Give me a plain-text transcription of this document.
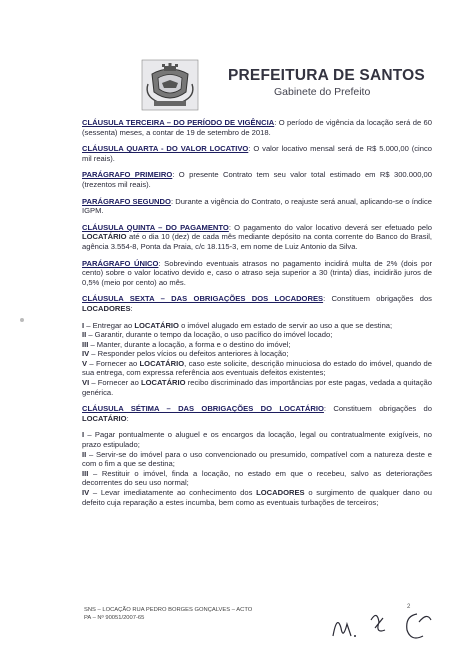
PREFEITURA DE SANTOS
Gabinete do Prefeito

CLÁUSULA TERCEIRA – DO PERÍODO DE VIGÊNCIA: O período de vigência da locação será de 60 (sessenta) meses, a contar de 19 de setembro de 2018.

CLÁUSULA QUARTA - DO VALOR LOCATIVO: O valor locativo mensal será de R$ 5.000,00 (cinco mil reais).

PARÁGRAFO PRIMEIRO: O presente Contrato tem seu valor total estimado em R$ 300.000,00 (trezentos mil reais).

PARÁGRAFO SEGUNDO: Durante a vigência do Contrato, o reajuste será anual, aplicando-se o índice IGPM.

CLÁUSULA QUINTA – DO PAGAMENTO: O pagamento do valor locativo deverá ser efetuado pelo LOCATÁRIO até o dia 10 (dez) de cada mês mediante depósito na conta corrente do Banco do Brasil, agência 3.554-8, Ponta da Praia, c/c 18.115-3, em nome de Luiz Antonio da Silva.

PARÁGRAFO ÚNICO: Sobrevindo eventuais atrasos no pagamento incidirá multa de 2% (dois por cento) sobre o valor locativo devido e, caso o atraso seja superior a 30 (trinta) dias, incidirão juros de 0,5% (meio por cento) ao mês.

CLÁUSULA SEXTA – DAS OBRIGAÇÕES DOS LOCADORES: Constituem obrigações dos LOCADORES:

I – Entregar ao LOCATÁRIO o imóvel alugado em estado de servir ao uso a que se destina;

II – Garantir, durante o tempo da locação, o uso pacífico do imóvel locado;

III – Manter, durante a locação, a forma e o destino do imóvel;

IV – Responder pelos vícios ou defeitos anteriores à locação;

V – Fornecer ao LOCATÁRIO, caso este solicite, descrição minuciosa do estado do imóvel, quando de sua entrega, com expressa referência aos eventuais defeitos existentes;

VI – Fornecer ao LOCATÁRIO recibo discriminado das importâncias por este pagas, vedada a quitação genérica.

CLÁUSULA SÉTIMA – DAS OBRIGAÇÕES DO LOCATÁRIO: Constituem obrigações do LOCATÁRIO:

I – Pagar pontualmente o aluguel e os encargos da locação, legal ou contratualmente exigíveis, no prazo estipulado;

II – Servir-se do imóvel para o uso convencionado ou presumido, compatível com a natureza deste e com o fim a que se destina;

III – Restituir o imóvel, finda a locação, no estado em que o recebeu, salvo as deteriorações decorrentes do seu uso normal;

IV – Levar imediatamente ao conhecimento dos LOCADORES o surgimento de qualquer dano ou defeito cuja reparação a estes incumba, bem como as eventuais turbações de terceiros;

SNS – LOCAÇÃO RUA PEDRO BORGES GONÇALVES – ACTO
PA – Nº 90051/2007-65
2
